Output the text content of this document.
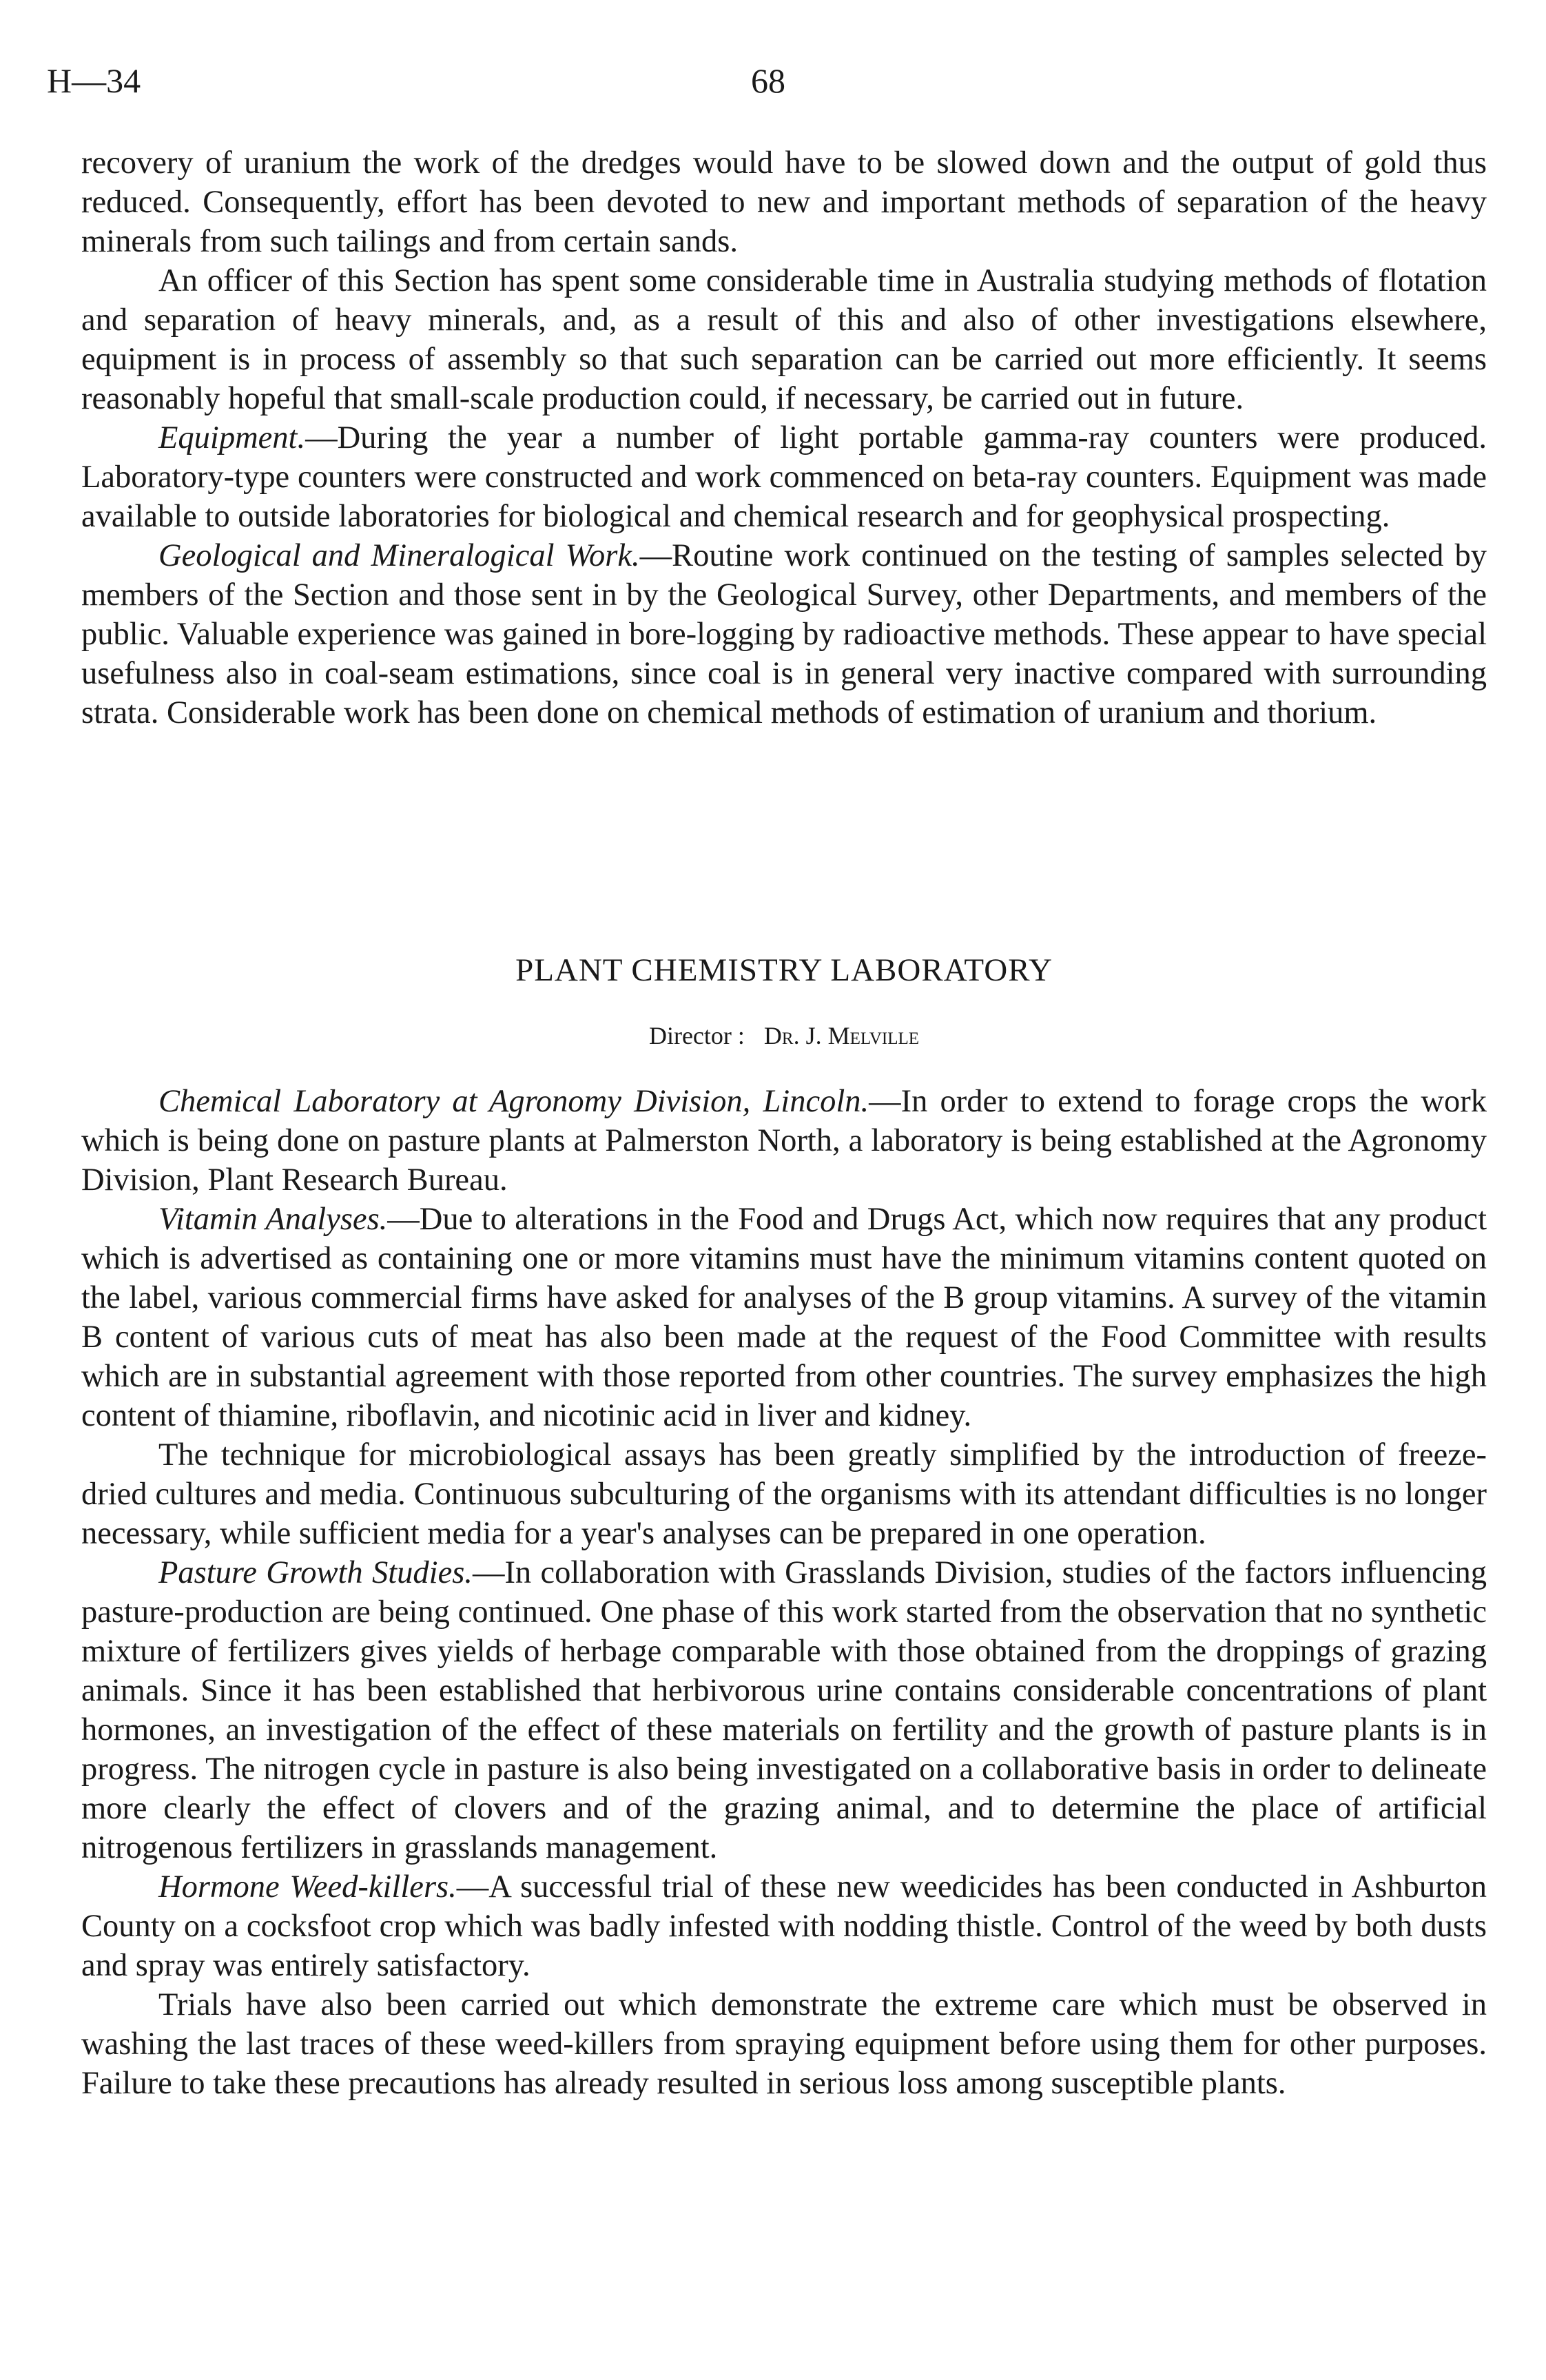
H—34	68

recovery of uranium the work of the dredges would have to be slowed down and the output of gold thus reduced. Consequently, effort has been devoted to new and important methods of separation of the heavy minerals from such tailings and from certain sands.

An officer of this Section has spent some considerable time in Australia studying methods of flotation and separation of heavy minerals, and, as a result of this and also of other investigations elsewhere, equipment is in process of assembly so that such separation can be carried out more efficiently. It seems reasonably hopeful that small-scale production could, if necessary, be carried out in future.

Equipment.—During the year a number of light portable gamma-ray counters were produced. Laboratory-type counters were constructed and work commenced on beta-ray counters. Equipment was made available to outside laboratories for biological and chemical research and for geophysical prospecting.

Geological and Mineralogical Work.—Routine work continued on the testing of samples selected by members of the Section and those sent in by the Geological Survey, other Departments, and members of the public. Valuable experience was gained in bore-logging by radioactive methods. These appear to have special usefulness also in coal-seam estimations, since coal is in general very inactive compared with surrounding strata. Considerable work has been done on chemical methods of estimation of uranium and thorium.

PLANT CHEMISTRY LABORATORY

Director : Dr. J. Melville

Chemical Laboratory at Agronomy Division, Lincoln.—In order to extend to forage crops the work which is being done on pasture plants at Palmerston North, a laboratory is being established at the Agronomy Division, Plant Research Bureau.

Vitamin Analyses.—Due to alterations in the Food and Drugs Act, which now requires that any product which is advertised as containing one or more vitamins must have the minimum vitamins content quoted on the label, various commercial firms have asked for analyses of the B group vitamins. A survey of the vitamin B content of various cuts of meat has also been made at the request of the Food Committee with results which are in substantial agreement with those reported from other countries. The survey emphasizes the high content of thiamine, riboflavin, and nicotinic acid in liver and kidney.

The technique for microbiological assays has been greatly simplified by the introduction of freeze-dried cultures and media. Continuous subculturing of the organisms with its attendant difficulties is no longer necessary, while sufficient media for a year's analyses can be prepared in one operation.

Pasture Growth Studies.—In collaboration with Grasslands Division, studies of the factors influencing pasture-production are being continued. One phase of this work started from the observation that no synthetic mixture of fertilizers gives yields of herbage comparable with those obtained from the droppings of grazing animals. Since it has been established that herbivorous urine contains considerable concentrations of plant hormones, an investigation of the effect of these materials on fertility and the growth of pasture plants is in progress. The nitrogen cycle in pasture is also being investigated on a collaborative basis in order to delineate more clearly the effect of clovers and of the grazing animal, and to determine the place of artificial nitrogenous fertilizers in grasslands management.

Hormone Weed-killers.—A successful trial of these new weedicides has been conducted in Ashburton County on a cocksfoot crop which was badly infested with nodding thistle. Control of the weed by both dusts and spray was entirely satisfactory.

Trials have also been carried out which demonstrate the extreme care which must be observed in washing the last traces of these weed-killers from spraying equipment before using them for other purposes. Failure to take these precautions has already resulted in serious loss among susceptible plants.
